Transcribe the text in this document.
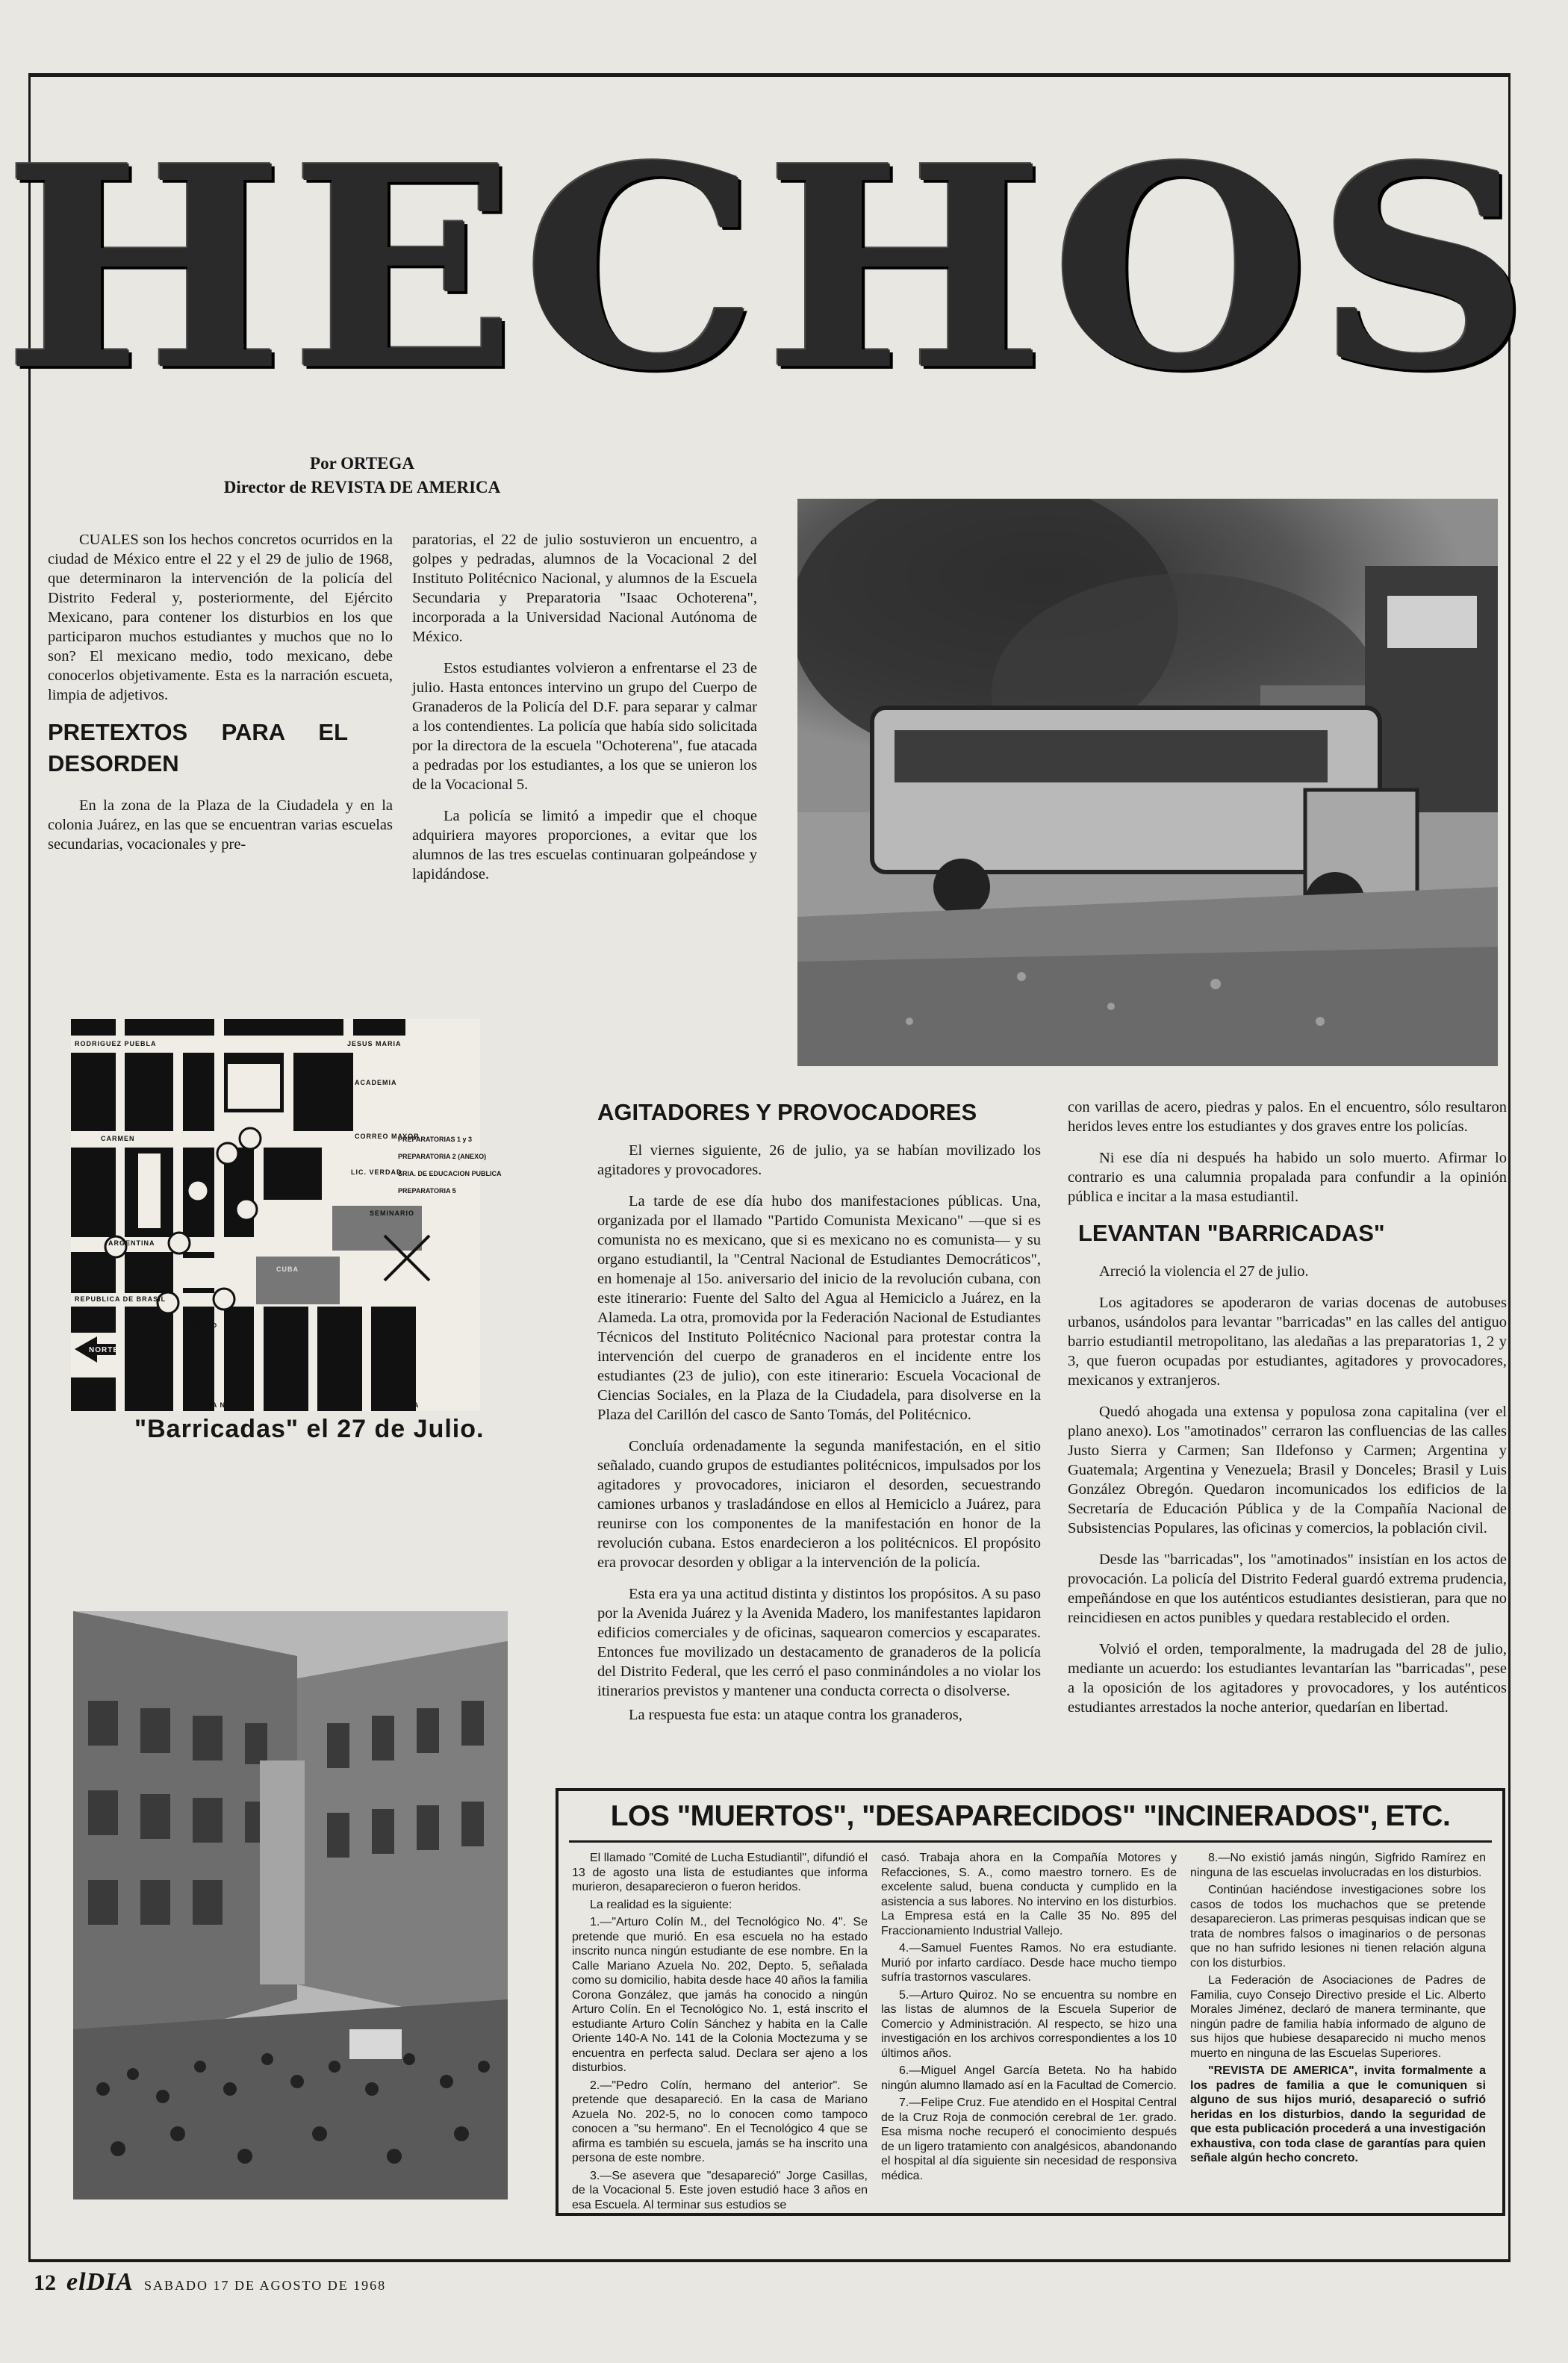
HECHOS
Por ORTEGA
Director de REVISTA DE AMERICA

CUALES son los hechos concretos ocurridos en la ciudad de México entre el 22 y el 29 de julio de 1968, que determinaron la intervención de la policía del Distrito Federal y, posteriormente, del Ejército Mexicano, para contener los disturbios en los que participaron muchos estudiantes y muchos que no lo son? El mexicano medio, todo mexicano, debe conocerlos objetivamente. Esta es la narración escueta, limpia de adjetivos.

PRETEXTOS PARA EL DESORDEN

En la zona de la Plaza de la Ciudadela y en la colonia Juárez, en las que se encuentran varias escuelas secundarias, vocacionales y pre-

paratorias, el 22 de julio sostuvieron un encuentro, a golpes y pedradas, alumnos de la Vocacional 2 del Instituto Politécnico Nacional, y alumnos de la Escuela Secundaria y Preparatoria "Isaac Ochoterena", incorporada a la Universidad Nacional Autónoma de México.

Estos estudiantes volvieron a enfrentarse el 23 de julio. Hasta entonces intervino un grupo del Cuerpo de Granaderos de la Policía del D.F. para separar y calmar a los contendientes. La policía que había sido solicitada por la directora de la escuela "Ochoterena", fue atacada a pedradas por los estudiantes, a los que se unieron los de la Vocacional 5.

La policía se limitó a impedir que el choque adquiriera mayores proporciones, a evitar que los alumnos de las tres escuelas continuaran golpeándose y lapidándose.

RODRIGUEZ PUEBLA	JESUS MARIA
ACADEMIA
CORREO MAYOR
LIC. VERDAD
SEMINARIO
CARMEN
ARGENTINA
REPUBLICA DE BRASIL
PLAZA DE STO. DOMINGO
PALMA NORTE	PALMA
CUBA
NORTE
PREPARATORIAS 1 y 3
PREPARATORIA 2 (ANEXO)
SRIA. DE EDUCACION PUBLICA
PREPARATORIA 5
"Barricadas" el 27 de Julio.
AGITADORES Y PROVOCADORES

El viernes siguiente, 26 de julio, ya se habían movilizado los agitadores y provocadores.

La tarde de ese día hubo dos manifestaciones públicas. Una, organizada por el llamado "Partido Comunista Mexicano" —que si es comunista no es mexicano, que si es mexicano no es comunista— y su organo estudiantil, la "Central Nacional de Estudiantes Democráticos", en homenaje al 15o. aniversario del inicio de la revolución cubana, con este itinerario: Fuente del Salto del Agua al Hemiciclo a Juárez, en la Alameda. La otra, promovida por la Federación Nacional de Estudiantes Técnicos del Instituto Politécnico Nacional para protestar contra la intervención del cuerpo de granaderos en el incidente entre los estudiantes (23 de julio), con este itinerario: Escuela Vocacional de Ciencias Sociales, en la Plaza de la Ciudadela, para disolverse en la Plaza del Carillón del casco de Santo Tomás, del Politécnico.

Concluía ordenadamente la segunda manifestación, en el sitio señalado, cuando grupos de estudiantes politécnicos, impulsados por los agitadores y provocadores, iniciaron el desorden, secuestrando camiones urbanos y trasladándose en ellos al Hemiciclo a Juárez, para reunirse con los componentes de la manifestación en honor de la revolución cubana. Estos enardecieron a los politécnicos. El propósito era provocar desorden y obligar a la intervención de la policía.

Esta era ya una actitud distinta y distintos los propósitos. A su paso por la Avenida Juárez y la Avenida Madero, los manifestantes lapidaron edificios comerciales y de oficinas, saquearon comercios y escaparates. Entonces fue movilizado un destacamento de granaderos de la policía del Distrito Federal, que les cerró el paso conminándoles a no violar los itinerarios previstos y mantener una conducta correcta o disolverse.

La respuesta fue esta: un ataque contra los granaderos,

con varillas de acero, piedras y palos. En el encuentro, sólo resultaron heridos leves entre los estudiantes y dos graves entre los policías.

Ni ese día ni después ha habido un solo muerto. Afirmar lo contrario es una calumnia propalada para confundir a la opinión pública e incitar a la masa estudiantil.

LEVANTAN "BARRICADAS"

Arreció la violencia el 27 de julio.

Los agitadores se apoderaron de varias docenas de autobuses urbanos, usándolos para levantar "barricadas" en las calles del antiguo barrio estudiantil metropolitano, las aledañas a las preparatorias 1, 2 y 3, que fueron ocupadas por estudiantes, agitadores y provocadores, mexicanos y extranjeros.

Quedó ahogada una extensa y populosa zona capitalina (ver el plano anexo). Los "amotinados" cerraron las confluencias de las calles Justo Sierra y Carmen; San Ildefonso y Carmen; Argentina y Guatemala; Argentina y Venezuela; Brasil y Donceles; Brasil y Luis González Obregón. Quedaron incomunicados los edificios de la Secretaría de Educación Pública y de la Compañía Nacional de Subsistencias Populares, las oficinas y comercios, la población civil.

Desde las "barricadas", los "amotinados" insistían en los actos de provocación. La policía del Distrito Federal guardó extrema prudencia, empeñándose en que los auténticos estudiantes desistieran, para que no reincidiesen en actos punibles y quedara restablecido el orden.

Volvió el orden, temporalmente, la madrugada del 28 de julio, mediante un acuerdo: los estudiantes levantarían las "barricadas", pese a la oposición de los agitadores y provocadores, y los auténticos estudiantes arrestados la noche anterior, quedarían en libertad.

LOS "MUERTOS", "DESAPARECIDOS" "INCINERADOS", ETC.

El llamado "Comité de Lucha Estudiantil", difundió el 13 de agosto una lista de estudiantes que informa murieron, desaparecieron o fueron heridos.

La realidad es la siguiente:

1.—"Arturo Colín M., del Tecnológico No. 4". Se pretende que murió. En esa escuela no ha estado inscrito nunca ningún estudiante de ese nombre. En la Calle Mariano Azuela No. 202, Depto. 5, señalada como su domicilio, habita desde hace 40 años la familia Corona González, que jamás ha conocido a ningún Arturo Colín. En el Tecnológico No. 1, está inscrito el estudiante Arturo Colín Sánchez y habita en la Calle Oriente 140-A No. 141 de la Colonia Moctezuma y se encuentra en perfecta salud. Declara ser ajeno a los disturbios.

2.—"Pedro Colín, hermano del anterior". Se pretende que desapareció. En la casa de Mariano Azuela No. 202-5, no lo conocen como tampoco conocen a "su hermano". En el Tecnológico 4 que se afirma es también su escuela, jamás se ha inscrito una persona de este nombre.

3.—Se asevera que "desapareció" Jorge Casillas, de la Vocacional 5. Este joven estudió hace 3 años en esa Escuela. Al terminar sus estudios se

casó. Trabaja ahora en la Compañía Motores y Refacciones, S. A., como maestro tornero. Es de excelente salud, buena conducta y cumplido en la asistencia a sus labores. No intervino en los disturbios. La Empresa está en la Calle 35 No. 895 del Fraccionamiento Industrial Vallejo.

4.—Samuel Fuentes Ramos. No era estudiante. Murió por infarto cardíaco. Desde hace mucho tiempo sufría trastornos vasculares.

5.—Arturo Quiroz. No se encuentra su nombre en las listas de alumnos de la Escuela Superior de Comercio y Administración. Al respecto, se hizo una investigación en los archivos correspondientes a los 10 últimos años.

6.—Miguel Angel García Beteta. No ha habido ningún alumno llamado así en la Facultad de Comercio.

7.—Felipe Cruz. Fue atendido en el Hospital Central de la Cruz Roja de conmoción cerebral de 1er. grado. Esa misma noche recuperó el conocimiento después de un ligero tratamiento con analgésicos, abandonando el hospital al día siguiente sin necesidad de responsiva médica.

8.—No existió jamás ningún, Sigfrido Ramírez en ninguna de las escuelas involucradas en los disturbios.

Continúan haciéndose investigaciones sobre los casos de todos los muchachos que se pretende desaparecieron. Las primeras pesquisas indican que se trata de nombres falsos o imaginarios o de personas que no han sufrido lesiones ni tienen relación alguna con los disturbios.

La Federación de Asociaciones de Padres de Familia, cuyo Consejo Directivo preside el Lic. Alberto Morales Jiménez, declaró de manera terminante, que ningún padre de familia había informado de alguno de sus hijos que hubiese desaparecido ni mucho menos muerto en ninguna de las Escuelas Superiores.

"REVISTA DE AMERICA", invita formalmente a los padres de familia a que le comuniquen si alguno de sus hijos murió, desapareció o sufrió heridas en los disturbios, dando la seguridad de que esta publicación procederá a una investigación exhaustiva, con toda clase de garantías para quien señale algún hecho concreto.

12 elDIA SABADO 17 DE AGOSTO DE 1968
